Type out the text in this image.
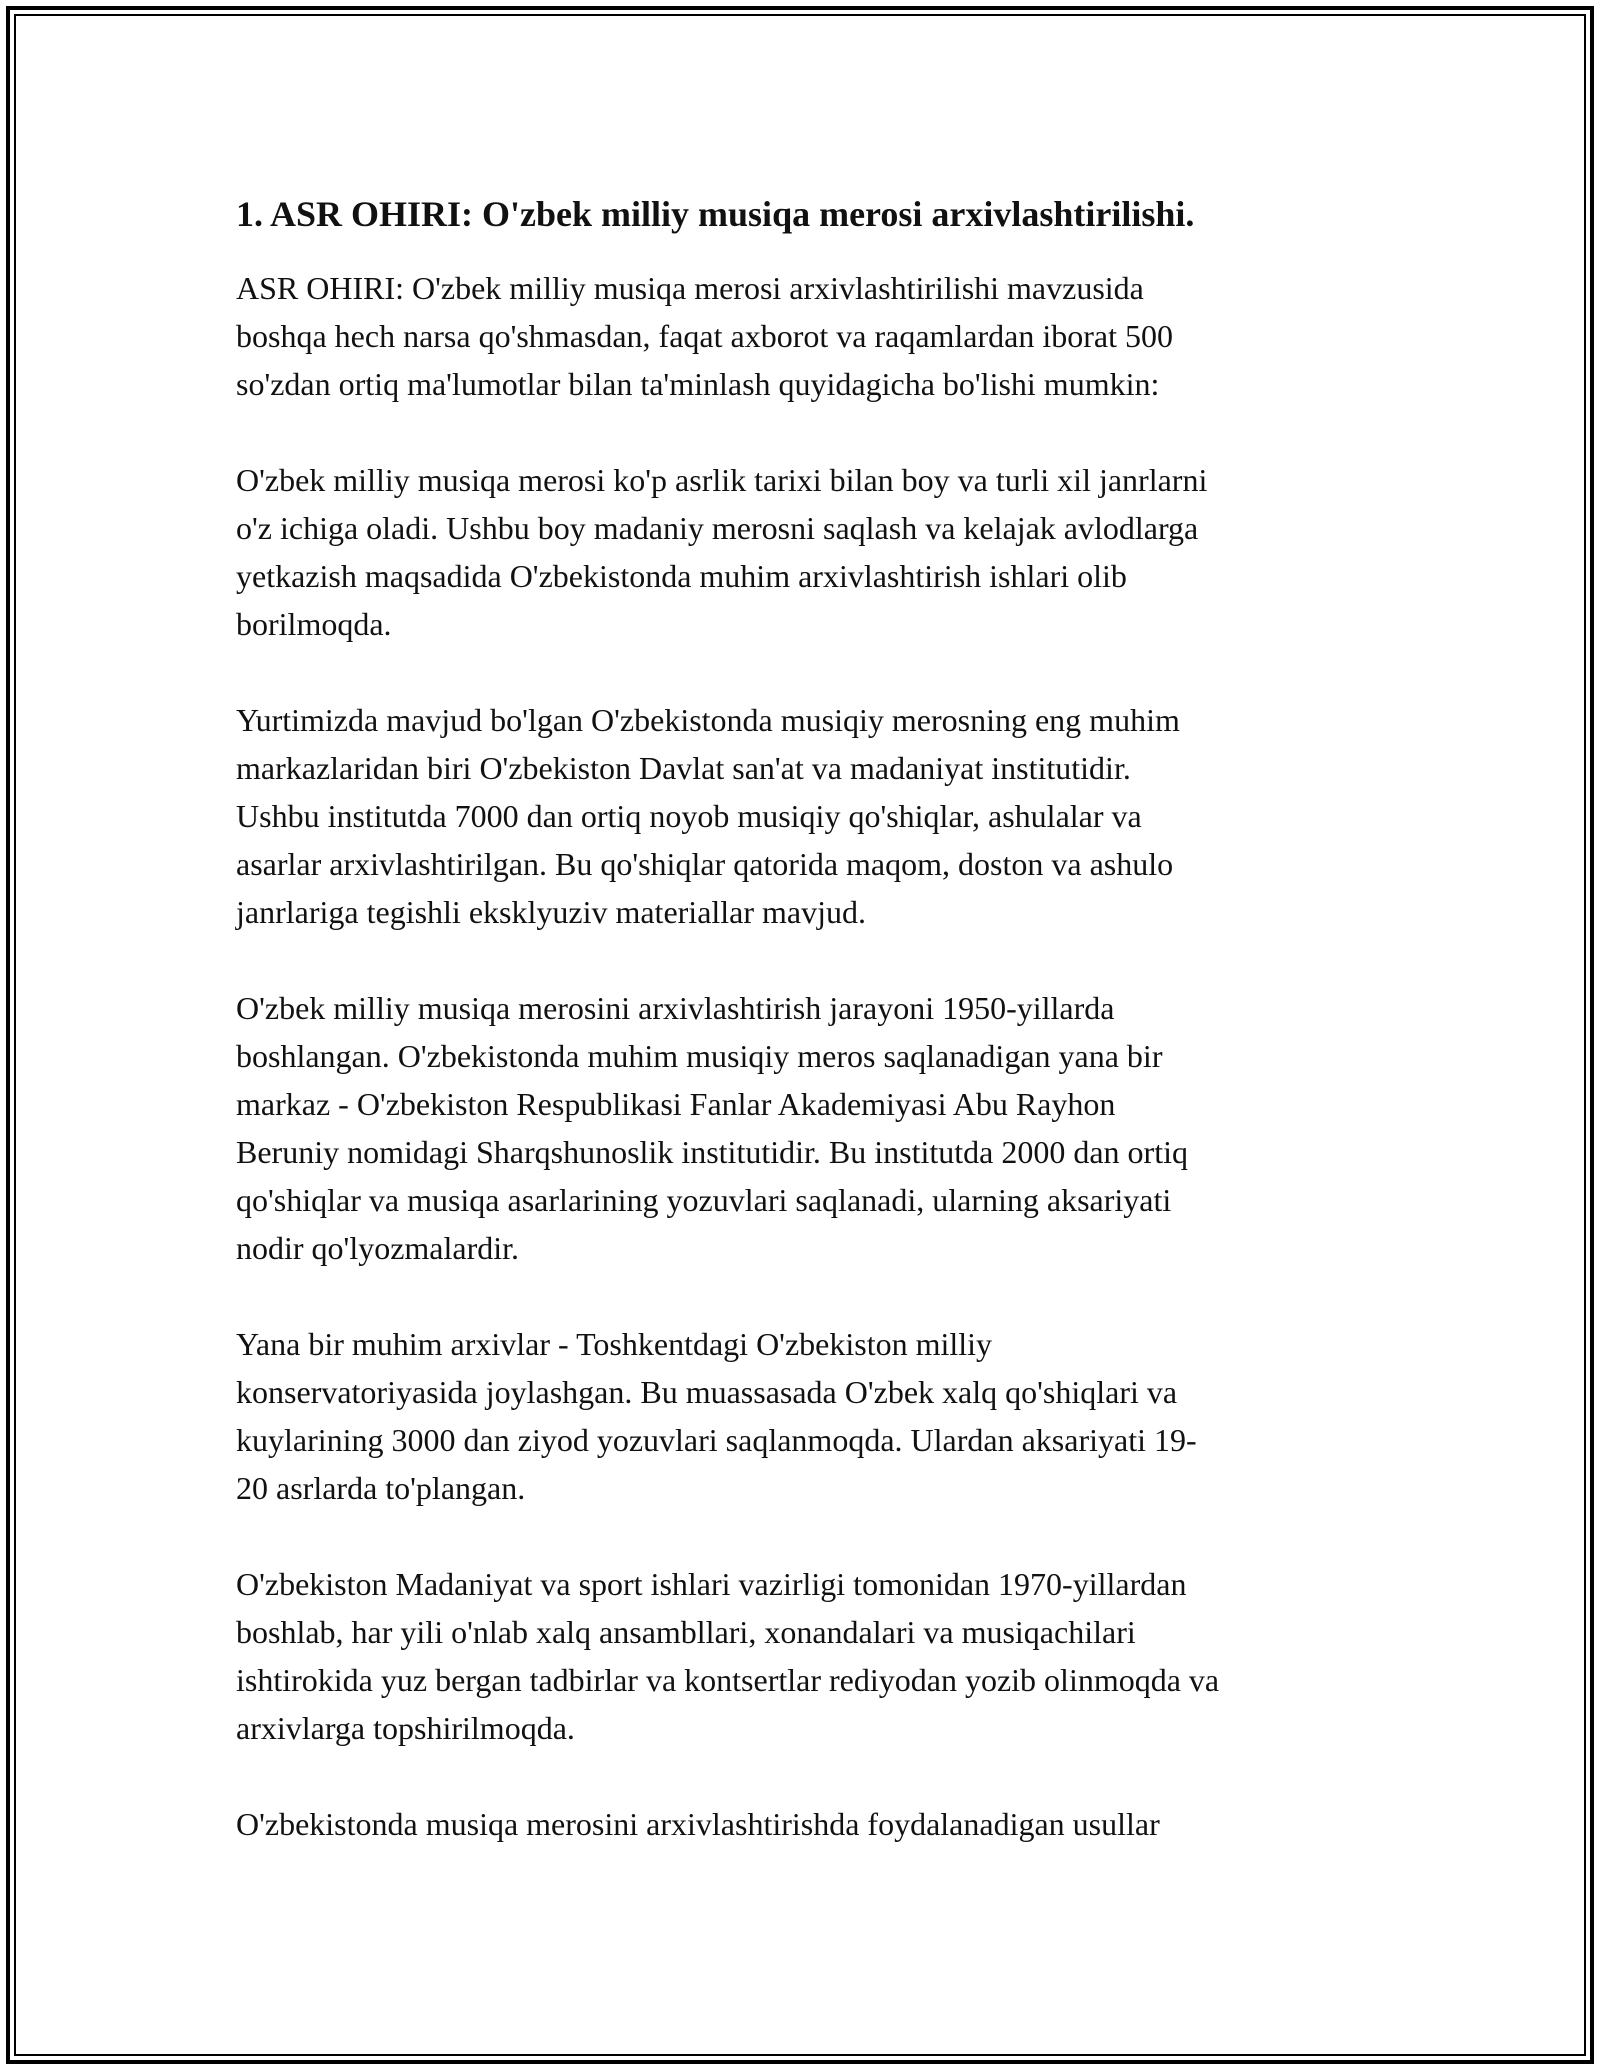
1. ASR OHIRI: O'zbek milliy musiqa merosi arxivlashtirilishi.

ASR OHIRI: O'zbek milliy musiqa merosi arxivlashtirilishi mavzusida
boshqa hech narsa qo'shmasdan, faqat axborot va raqamlardan iborat 500
so'zdan ortiq ma'lumotlar bilan ta'minlash quyidagicha bo'lishi mumkin:

O'zbek milliy musiqa merosi ko'p asrlik tarixi bilan boy va turli xil janrlarni
o'z ichiga oladi. Ushbu boy madaniy merosni saqlash va kelajak avlodlarga
yetkazish maqsadida O'zbekistonda muhim arxivlashtirish ishlari olib
borilmoqda.

Yurtimizda mavjud bo'lgan O'zbekistonda musiqiy merosning eng muhim
markazlaridan biri O'zbekiston Davlat san'at va madaniyat institutidir.
Ushbu institutda 7000 dan ortiq noyob musiqiy qo'shiqlar, ashulalar va
asarlar arxivlashtirilgan. Bu qo'shiqlar qatorida maqom, doston va ashulo
janrlariga tegishli eksklyuziv materiallar mavjud.

O'zbek milliy musiqa merosini arxivlashtirish jarayoni 1950-yillarda
boshlangan. O'zbekistonda muhim musiqiy meros saqlanadigan yana bir
markaz - O'zbekiston Respublikasi Fanlar Akademiyasi Abu Rayhon
Beruniy nomidagi Sharqshunoslik institutidir. Bu institutda 2000 dan ortiq
qo'shiqlar va musiqa asarlarining yozuvlari saqlanadi, ularning aksariyati
nodir qo'lyozmalardir.

Yana bir muhim arxivlar - Toshkentdagi O'zbekiston milliy
konservatoriyasida joylashgan. Bu muassasada O'zbek xalq qo'shiqlari va
kuylarining 3000 dan ziyod yozuvlari saqlanmoqda. Ulardan aksariyati 19-
20 asrlarda to'plangan.

O'zbekiston Madaniyat va sport ishlari vazirligi tomonidan 1970-yillardan
boshlab, har yili o'nlab xalq ansambllari, xonandalari va musiqachilari
ishtirokida yuz bergan tadbirlar va kontsertlar rediyodan yozib olinmoqda va
arxivlarga topshirilmoqda.

O'zbekistonda musiqa merosini arxivlashtirishda foydalanadigan usullar
